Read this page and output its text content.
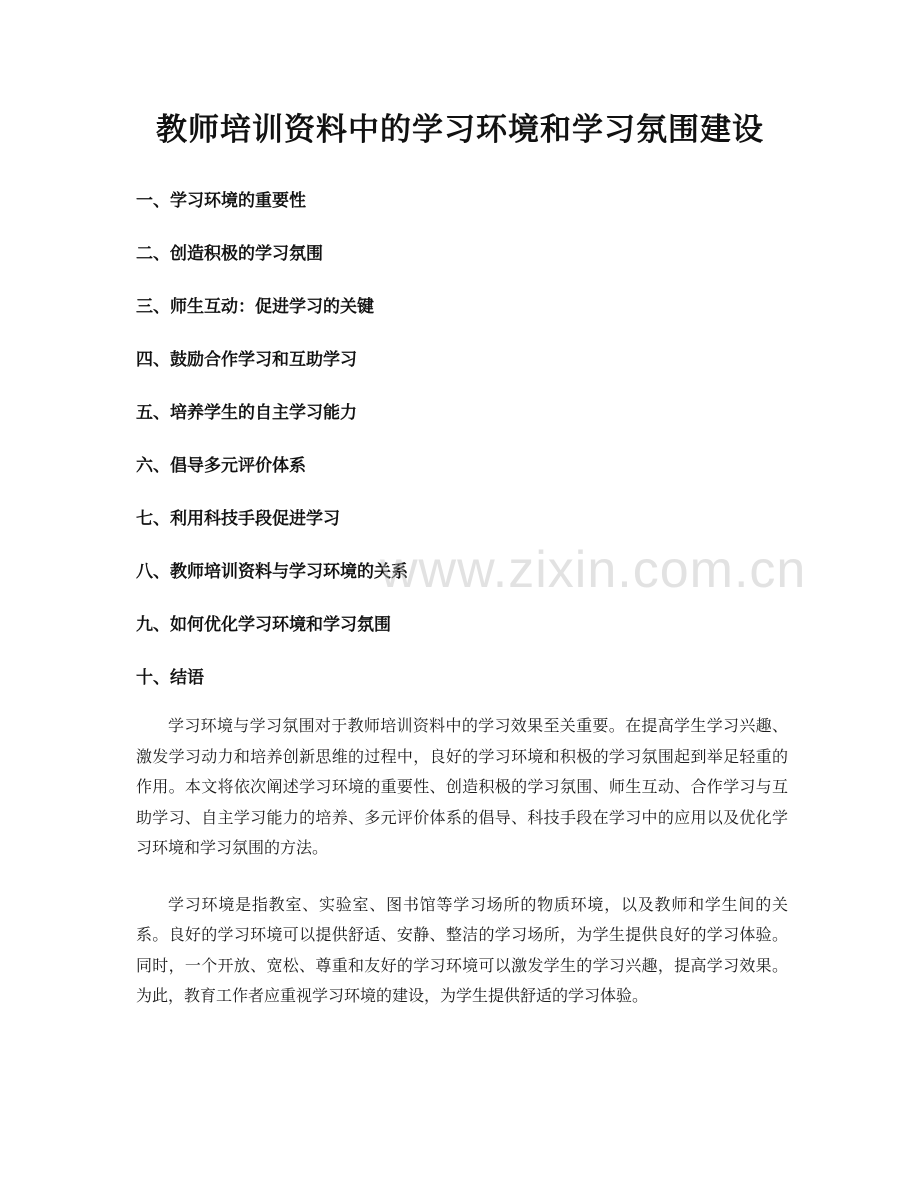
教师培训资料中的学习环境和学习氛围建设
一、学习环境的重要性
二、创造积极的学习氛围
三、师生互动：促进学习的关键
四、鼓励合作学习和互助学习
五、培养学生的自主学习能力
六、倡导多元评价体系
七、利用科技手段促进学习
八、教师培训资料与学习环境的关系
九、如何优化学习环境和学习氛围
十、结语

学习环境与学习氛围对于教师培训资料中的学习效果至关重要。在提高学生学习兴趣、激发学习动力和培养创新思维的过程中，良好的学习环境和积极的学习氛围起到举足轻重的作用。本文将依次阐述学习环境的重要性、创造积极的学习氛围、师生互动、合作学习与互助学习、自主学习能力的培养、多元评价体系的倡导、科技手段在学习中的应用以及优化学习环境和学习氛围的方法。

学习环境是指教室、实验室、图书馆等学习场所的物质环境，以及教师和学生间的关系。良好的学习环境可以提供舒适、安静、整洁的学习场所，为学生提供良好的学习体验。同时，一个开放、宽松、尊重和友好的学习环境可以激发学生的学习兴趣，提高学习效果。为此，教育工作者应重视学习环境的建设，为学生提供舒适的学习体验。

www.zixin.com.cn
